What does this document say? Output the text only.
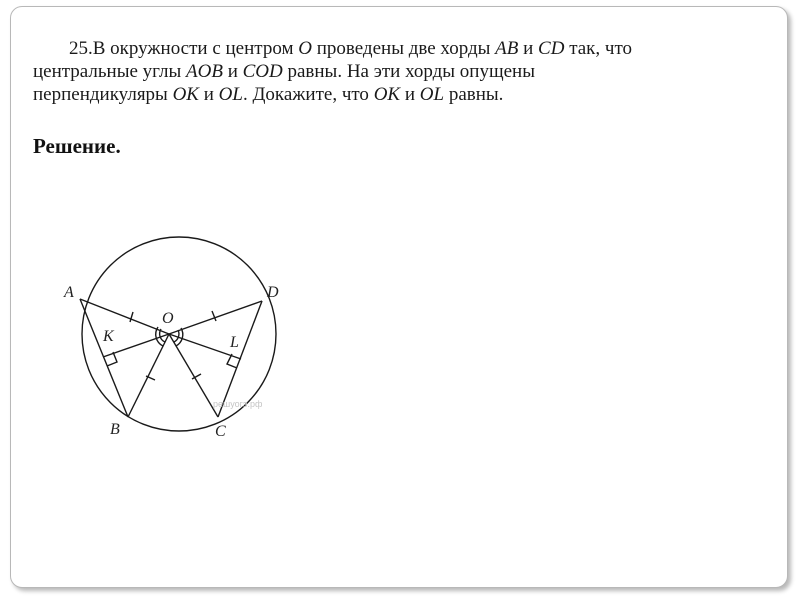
25.В окружности с центром O проведены две хорды AB и CD так, что
центральные углы AOB и COD равны. На эти хорды опущены
перпендикуляры OK и OL. Докажите, что OK и OL равны.
Решение.
A	D
O
K	L
B	C
решуогэ.рф
